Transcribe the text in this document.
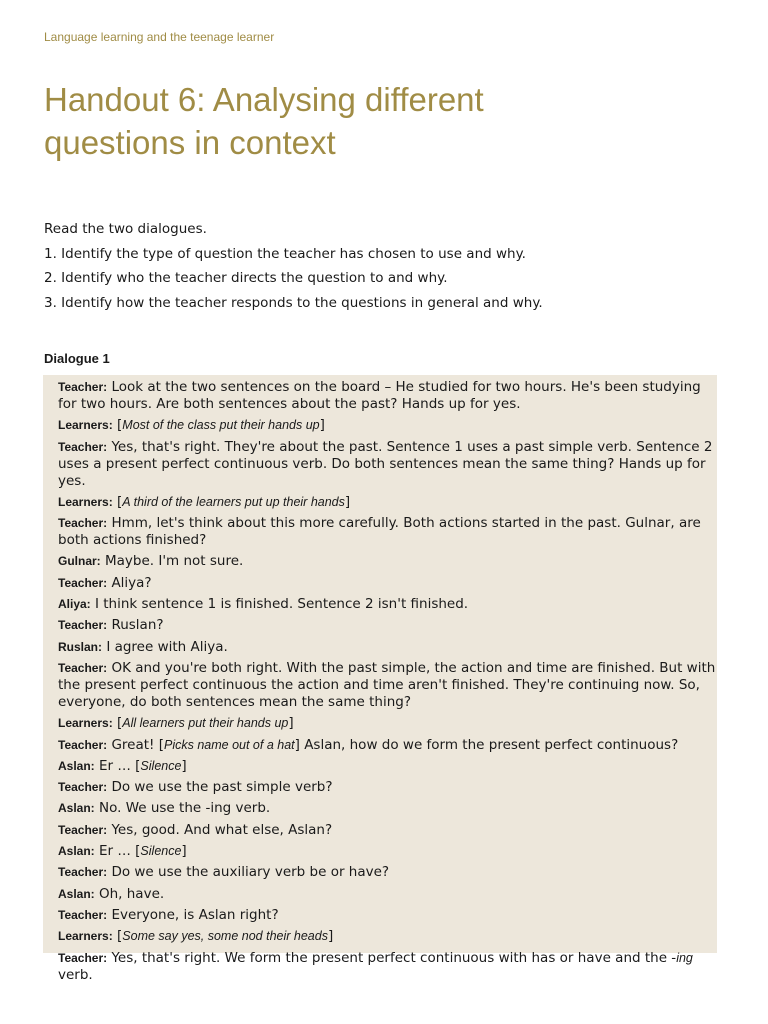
Language learning and the teenage learner
Handout 6: Analysing different
questions in context

Read the two dialogues.

1. Identify the type of question the teacher has chosen to use and why.

2. Identify who the teacher directs the question to and why.

3. Identify how the teacher responds to the questions in general and why.

Dialogue 1
Teacher: Look at the two sentences on the board – He studied for two hours. He's been studying for two hours. Are both sentences about the past? Hands up for yes.
Learners: [Most of the class put their hands up]
Teacher: Yes, that's right. They're about the past. Sentence 1 uses a past simple verb. Sentence 2 uses a present perfect continuous verb. Do both sentences mean the same thing? Hands up for yes.
Learners: [A third of the learners put up their hands]
Teacher: Hmm, let's think about this more carefully. Both actions started in the past. Gulnar, are both actions finished?
Gulnar: Maybe. I'm not sure.
Teacher: Aliya?
Aliya: I think sentence 1 is finished. Sentence 2 isn't finished.
Teacher: Ruslan?
Ruslan: I agree with Aliya.
Teacher: OK and you're both right. With the past simple, the action and time are finished. But with the present perfect continuous the action and time aren't finished. They're continuing now. So, everyone, do both sentences mean the same thing?
Learners: [All learners put their hands up]
Teacher: Great! [Picks name out of a hat] Aslan, how do we form the present perfect continuous?
Aslan: Er … [Silence]
Teacher: Do we use the past simple verb?
Aslan: No. We use the -ing verb.
Teacher: Yes, good. And what else, Aslan?
Aslan: Er … [Silence]
Teacher: Do we use the auxiliary verb be or have?
Aslan: Oh, have.
Teacher: Everyone, is Aslan right?
Learners: [Some say yes, some nod their heads]
Teacher: Yes, that's right. We form the present perfect continuous with has or have and the -ing verb.
